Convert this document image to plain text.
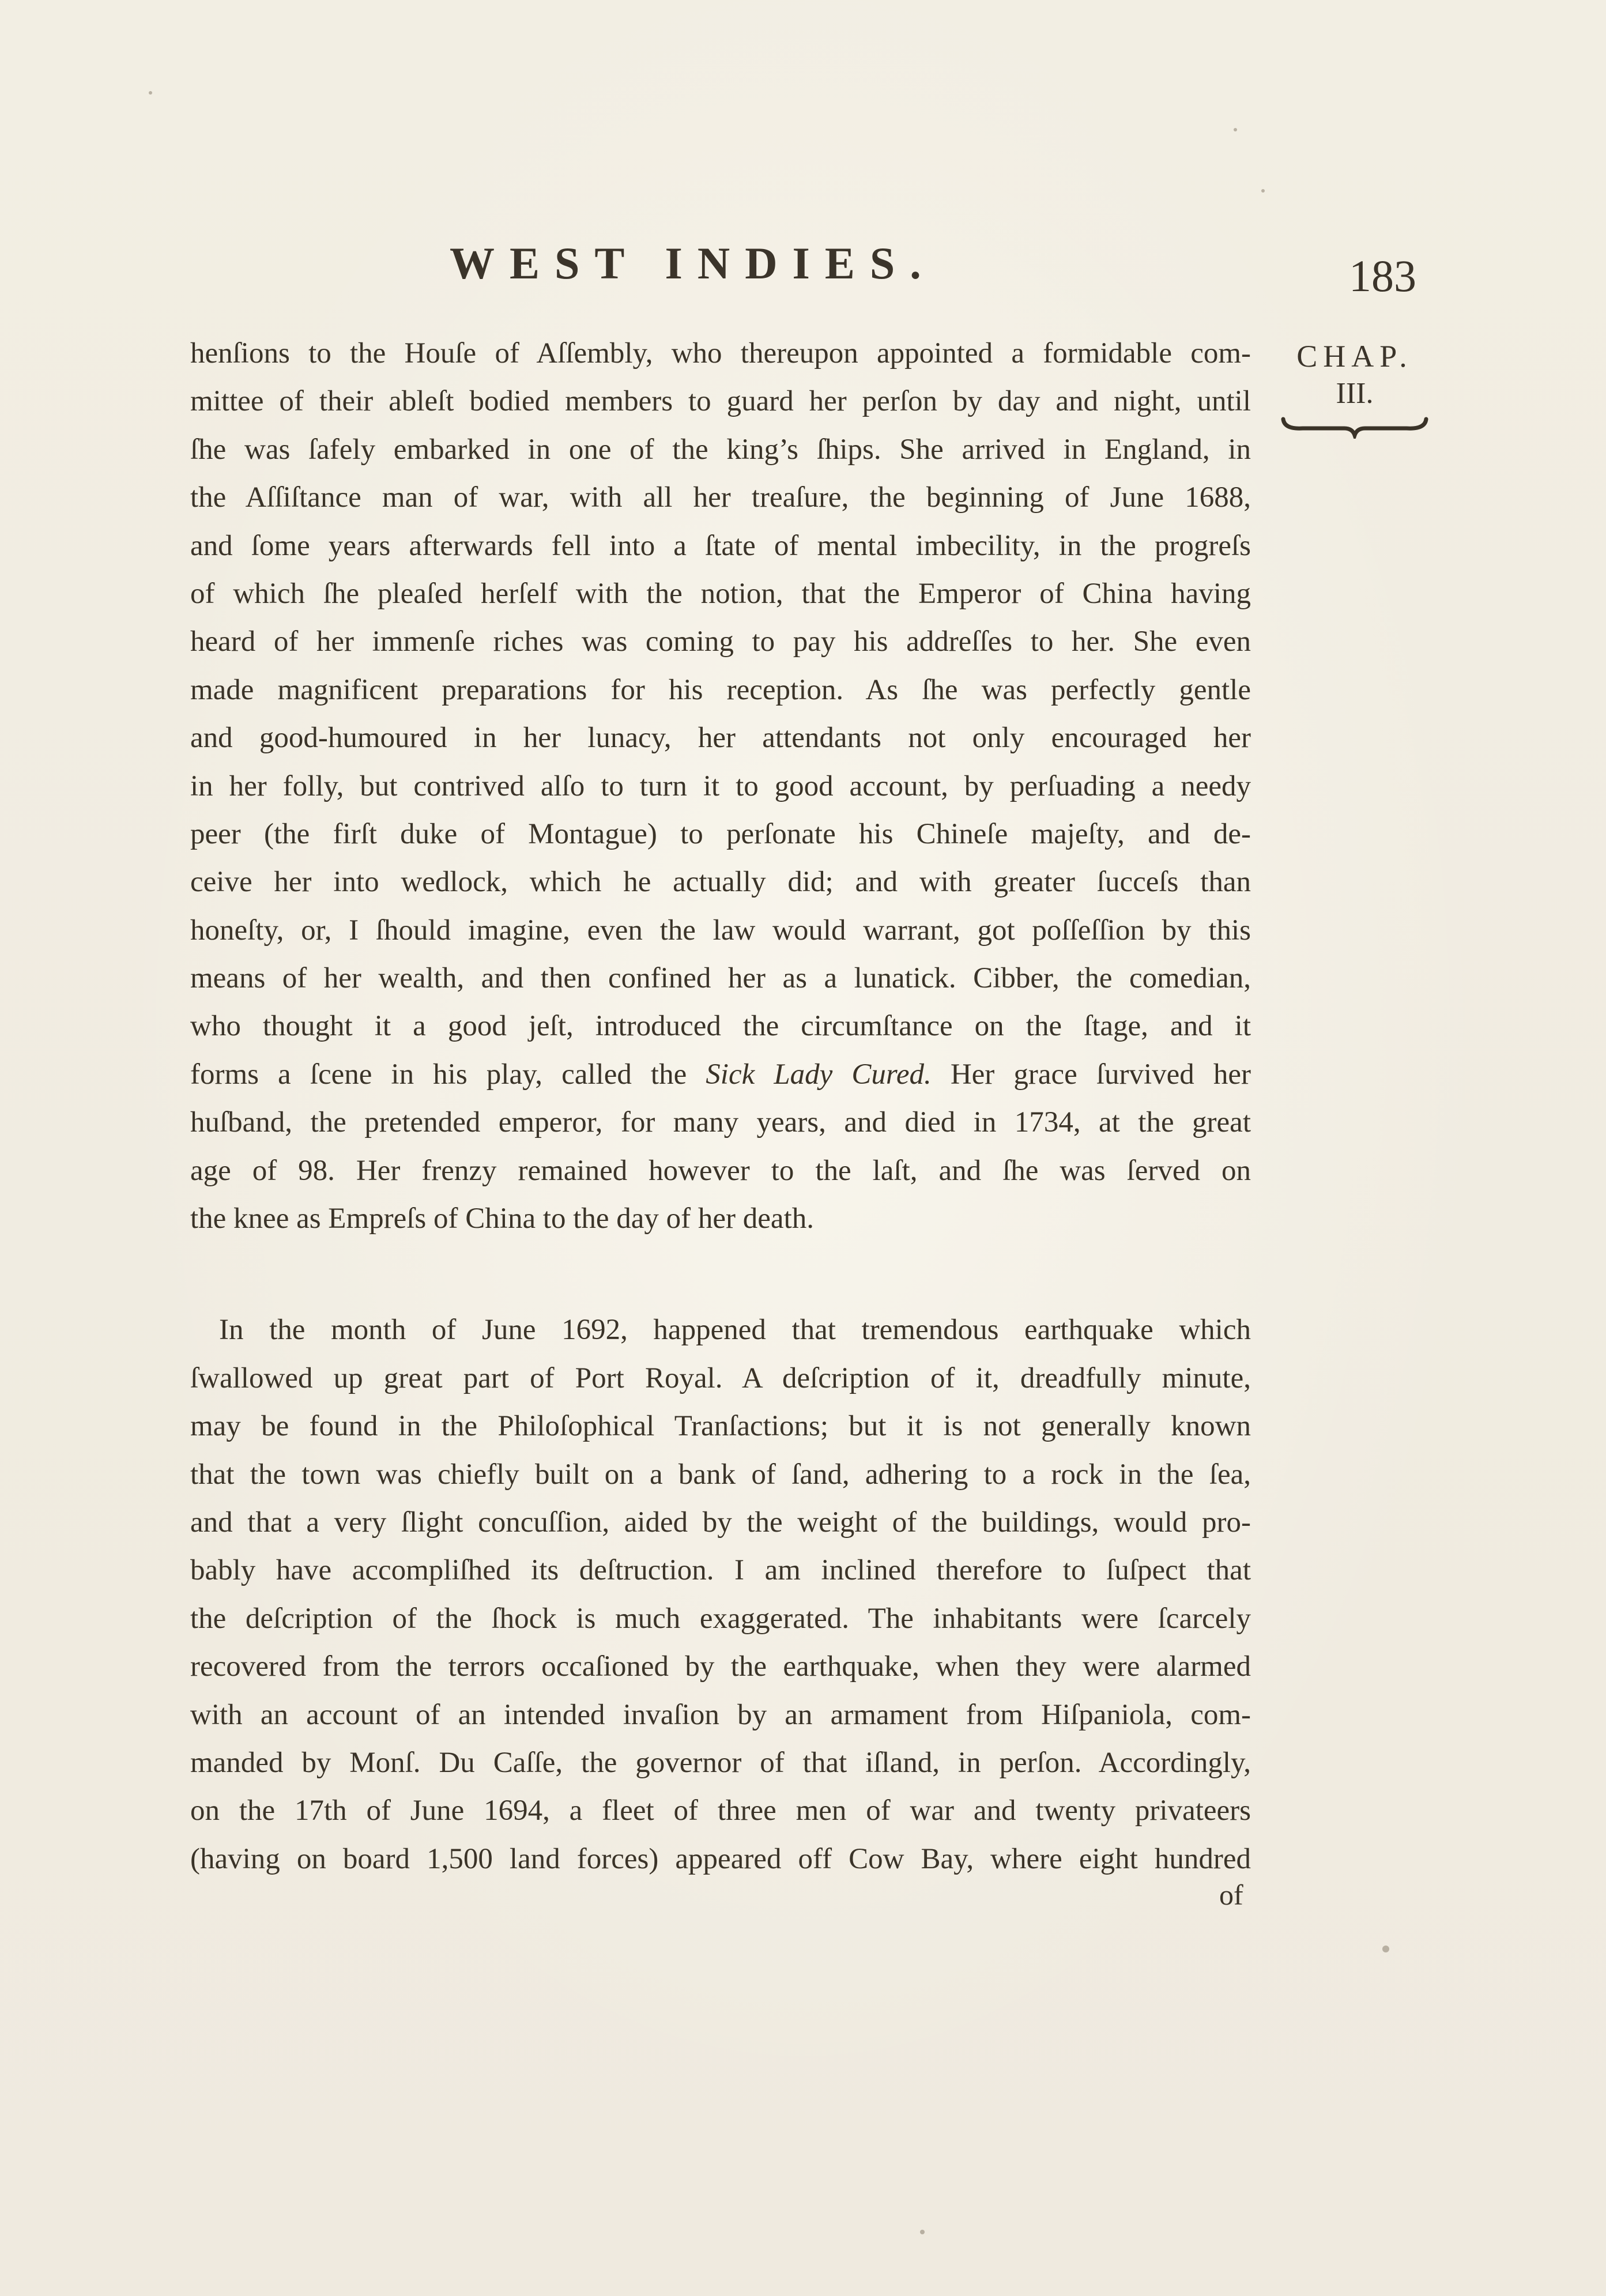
WEST INDIES.	183
CHAP.
III.
henſions to the Houſe of Aſſembly, who thereupon appointed a formidable com-
mittee of their ableſt bodied members to guard her perſon by day and night, until
ſhe was ſafely embarked in one of the king’s ſhips. She arrived in England, in
the Aſſiſtance man of war, with all her treaſure, the beginning of June 1688,
and ſome years afterwards fell into a ſtate of mental imbecility, in the progreſs
of which ſhe pleaſed herſelf with the notion, that the Emperor of China having
heard of her immenſe riches was coming to pay his addreſſes to her. She even
made magnificent preparations for his reception. As ſhe was perfectly gentle
and good-humoured in her lunacy, her attendants not only encouraged her
in her folly, but contrived alſo to turn it to good account, by perſuading a needy
peer (the firſt duke of Montague) to perſonate his Chineſe majeſty, and de-
ceive her into wedlock, which he actually did; and with greater ſucceſs than
honeſty, or, I ſhould imagine, even the law would warrant, got poſſeſſion by this
means of her wealth, and then confined her as a lunatick. Cibber, the comedian,
who thought it a good jeſt, introduced the circumſtance on the ſtage, and it
forms a ſcene in his play, called the Sick Lady Cured. Her grace ſurvived her
huſband, the pretended emperor, for many years, and died in 1734, at the great
age of 98. Her frenzy remained however to the laſt, and ſhe was ſerved on
the knee as Empreſs of China to the day of her death.
In the month of June 1692, happened that tremendous earthquake which
ſwallowed up great part of Port Royal. A deſcription of it, dreadfully minute,
may be found in the Philoſophical Tranſactions; but it is not generally known
that the town was chiefly built on a bank of ſand, adhering to a rock in the ſea,
and that a very ſlight concuſſion, aided by the weight of the buildings, would pro-
bably have accompliſhed its deſtruction. I am inclined therefore to ſuſpect that
the deſcription of the ſhock is much exaggerated. The inhabitants were ſcarcely
recovered from the terrors occaſioned by the earthquake, when they were alarmed
with an account of an intended invaſion by an armament from Hiſpaniola, com-
manded by Monſ. Du Caſſe, the governor of that iſland, in perſon. Accordingly,
on the 17th of June 1694, a fleet of three men of war and twenty privateers
(having on board 1,500 land forces) appeared off Cow Bay, where eight hundred
of
